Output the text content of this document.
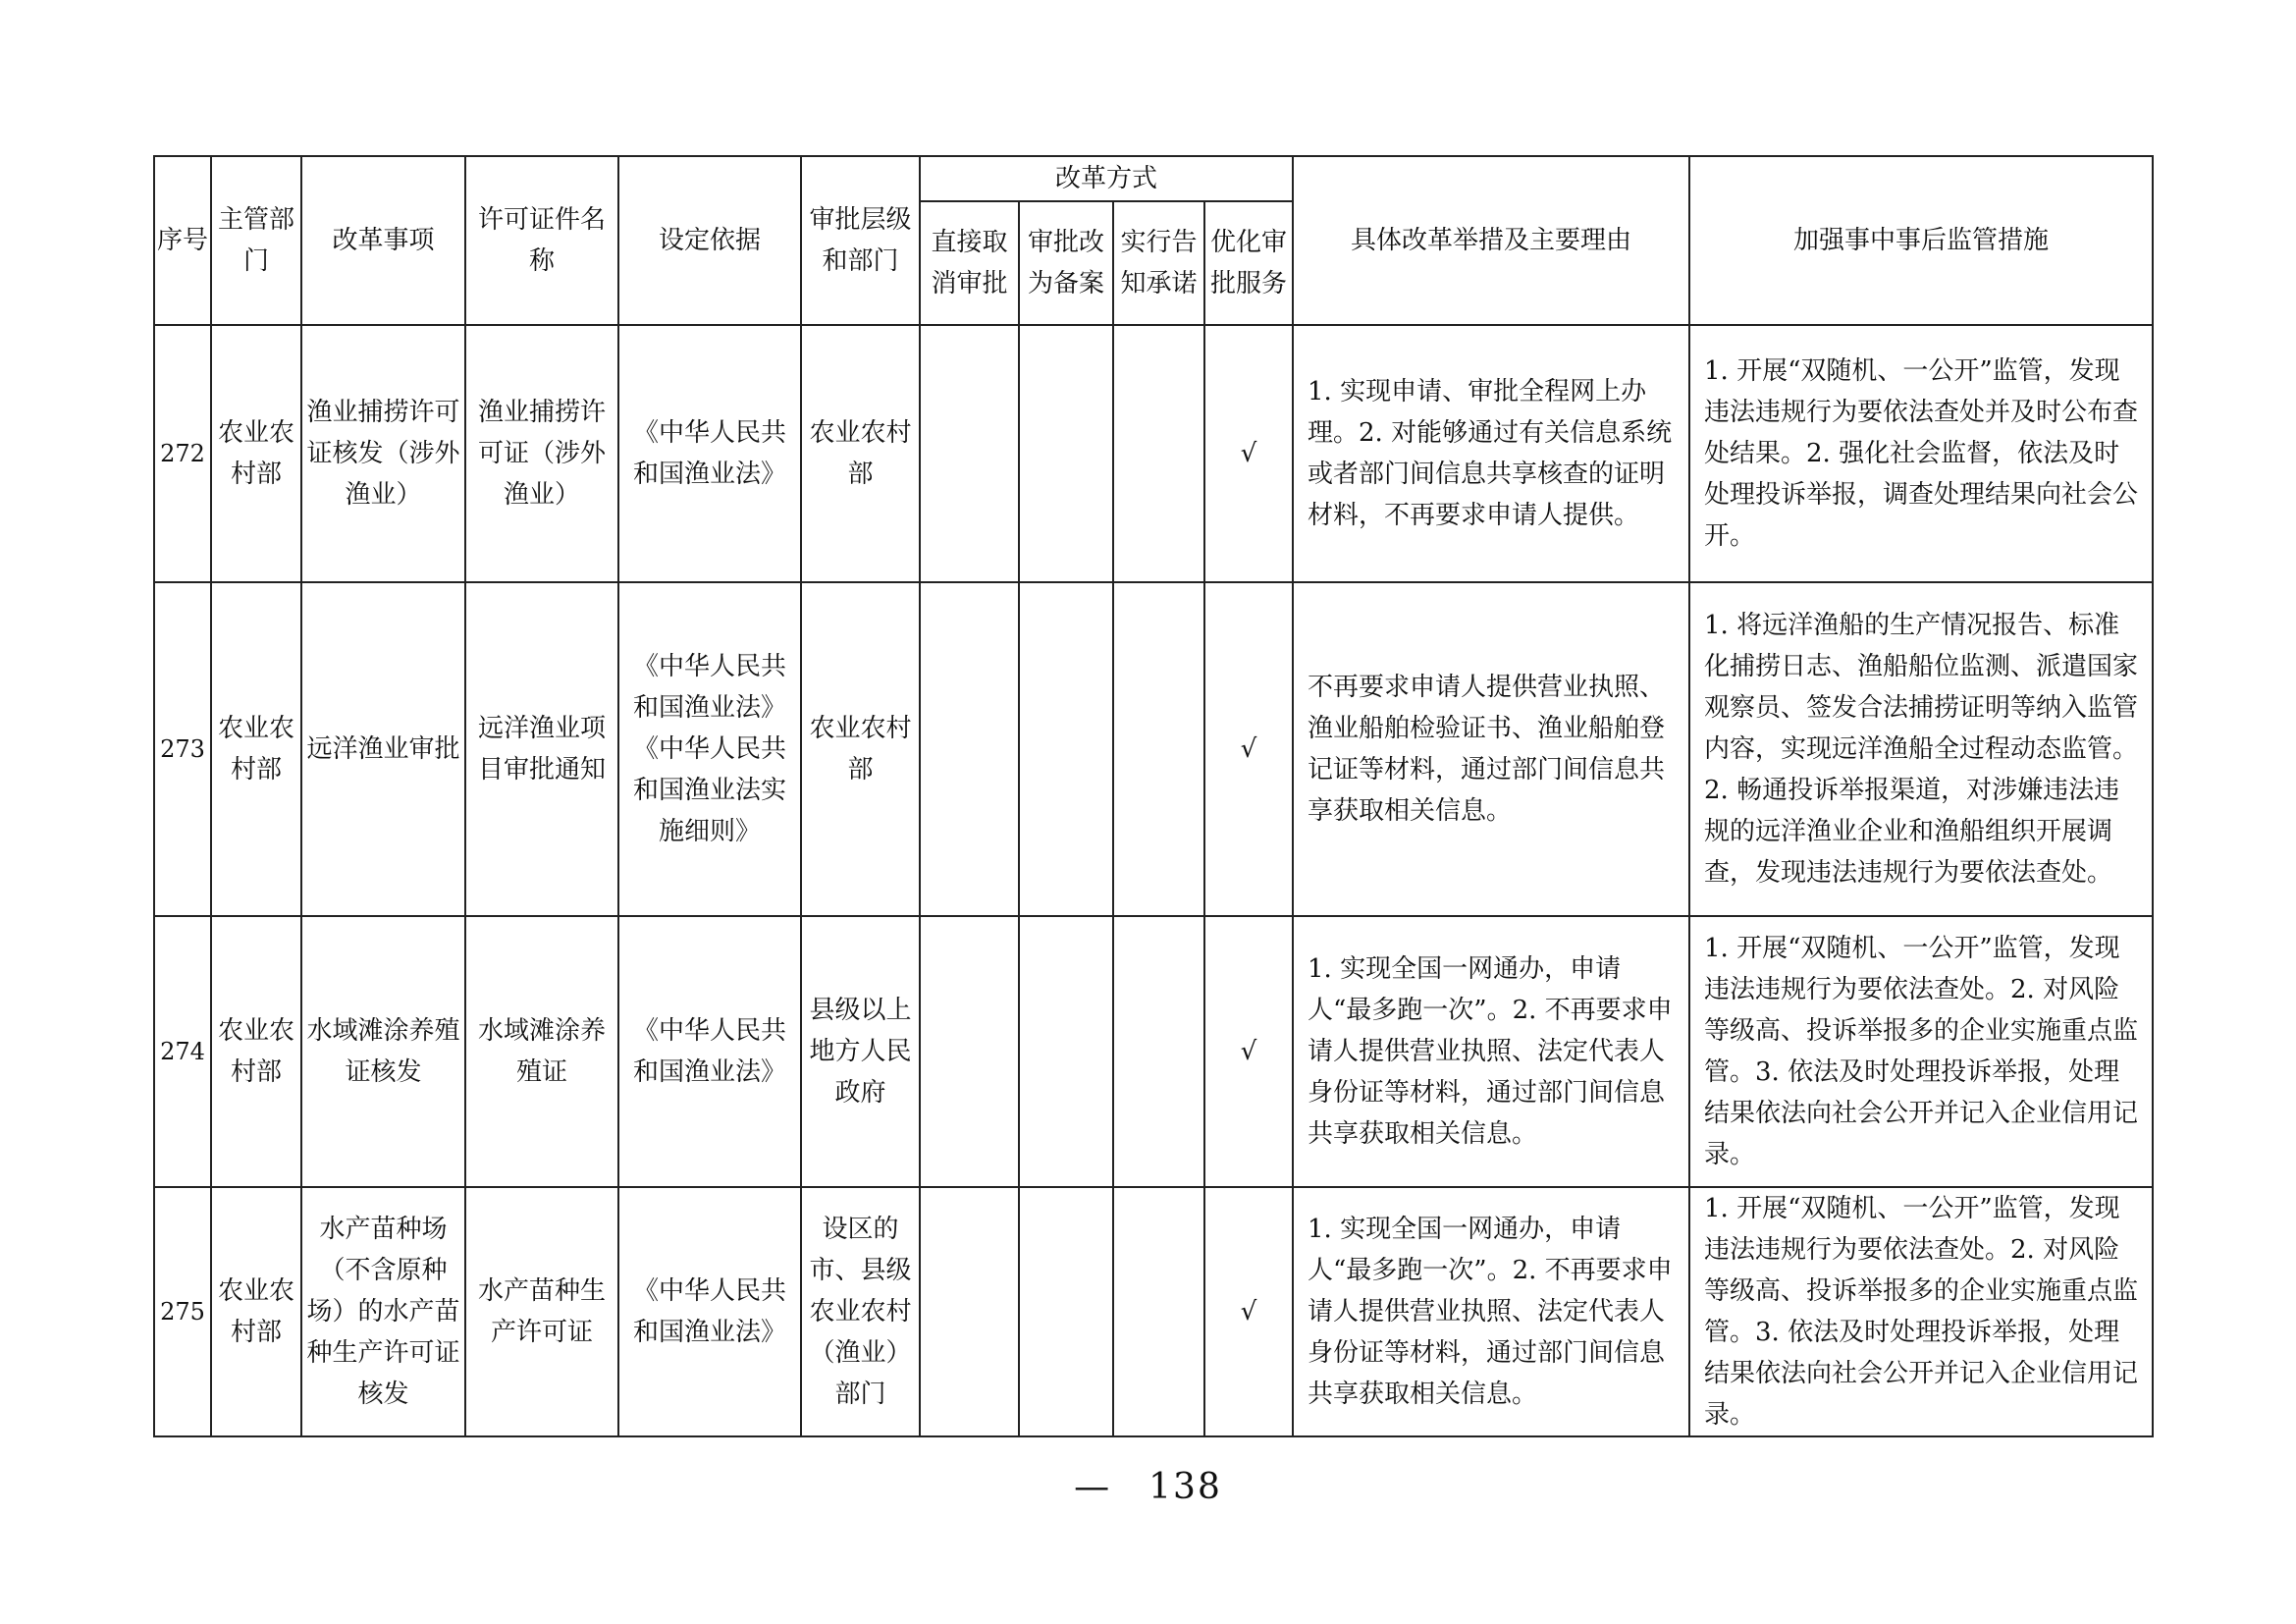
序号	主管部门	改革事项	许可证件名称	设定依据	审批层级和部门	改革方式				具体改革举措及主要理由	加强事中事后监管措施
						直接取消审批	审批改为备案	实行告知承诺	优化审批服务		
272	农业农村部	渔业捕捞许可证核发（涉外渔业）	渔业捕捞许可证（涉外渔业）	《中华人民共和国渔业法》	农业农村部				√	1. 实现申请、审批全程网上办理。2. 对能够通过有关信息系统或者部门间信息共享核查的证明材料，不再要求申请人提供。	1. 开展“双随机、一公开”监管，发现违法违规行为要依法查处并及时公布查处结果。2. 强化社会监督，依法及时处理投诉举报，调查处理结果向社会公开。
273	农业农村部	远洋渔业审批	远洋渔业项目审批通知	《中华人民共和国渔业法》《中华人民共和国渔业法实施细则》	农业农村部				√	不再要求申请人提供营业执照、渔业船舶检验证书、渔业船舶登记证等材料，通过部门间信息共享获取相关信息。	1. 将远洋渔船的生产情况报告、标准化捕捞日志、渔船船位监测、派遣国家观察员、签发合法捕捞证明等纳入监管内容，实现远洋渔船全过程动态监管。2. 畅通投诉举报渠道，对涉嫌违法违规的远洋渔业企业和渔船组织开展调查，发现违法违规行为要依法查处。
274	农业农村部	水域滩涂养殖证核发	水域滩涂养殖证	《中华人民共和国渔业法》	县级以上地方人民政府				√	1. 实现全国一网通办，申请人“最多跑一次”。2. 不再要求申请人提供营业执照、法定代表人身份证等材料，通过部门间信息共享获取相关信息。	1. 开展“双随机、一公开”监管，发现违法违规行为要依法查处。2. 对风险等级高、投诉举报多的企业实施重点监管。3. 依法及时处理投诉举报，处理结果依法向社会公开并记入企业信用记录。
275	农业农村部	水产苗种场（不含原种场）的水产苗种生产许可证核发	水产苗种生产许可证	《中华人民共和国渔业法》	设区的市、县级农业农村（渔业）部门				√	1. 实现全国一网通办，申请人“最多跑一次”。2. 不再要求申请人提供营业执照、法定代表人身份证等材料，通过部门间信息共享获取相关信息。	1. 开展“双随机、一公开”监管，发现违法违规行为要依法查处。2. 对风险等级高、投诉举报多的企业实施重点监管。3. 依法及时处理投诉举报，处理结果依法向社会公开并记入企业信用记录。
— 138
